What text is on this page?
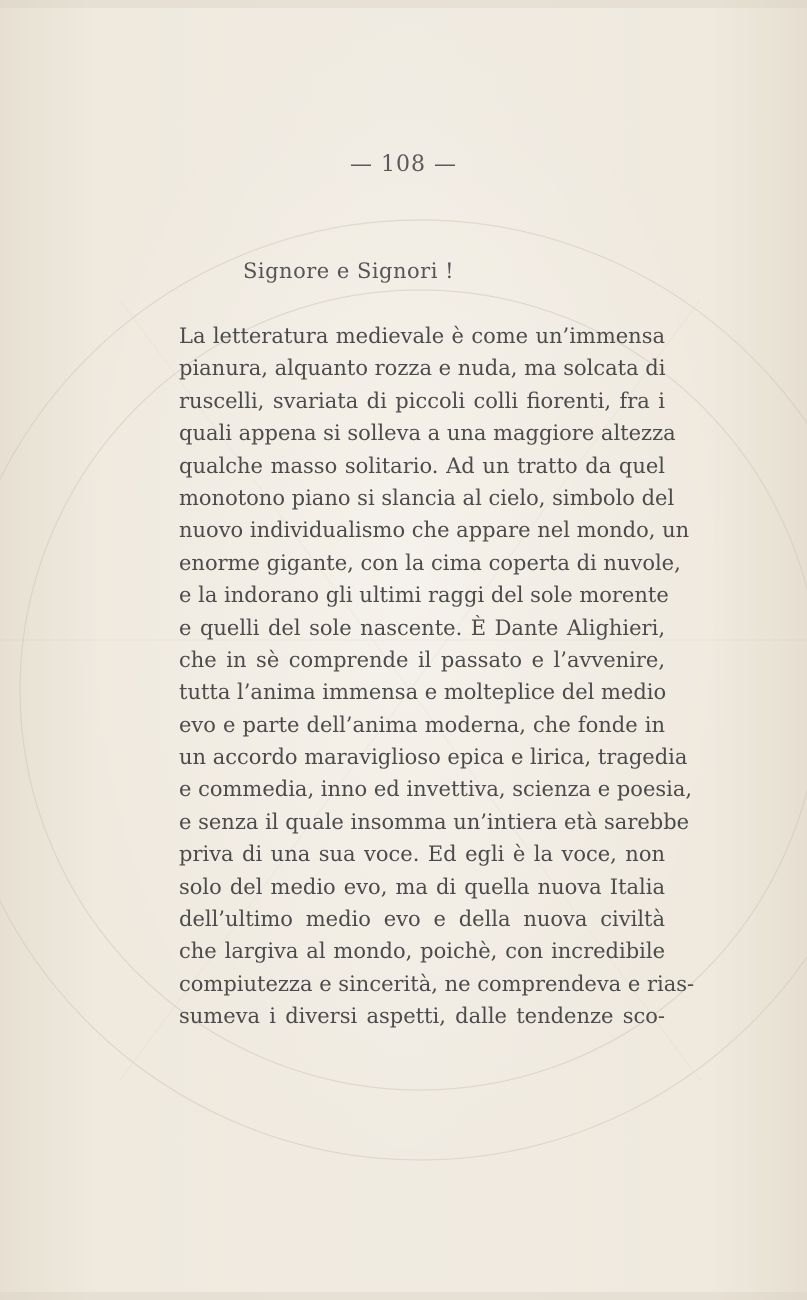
— 108 —
Signore e Signori !
La letteratura medievale è come un’immensa
pianura, alquanto rozza e nuda, ma solcata di
ruscelli, svariata di piccoli colli fiorenti, fra i
quali appena si solleva a una maggiore altezza
qualche masso solitario. Ad un tratto da quel
monotono piano si slancia al cielo, simbolo del
nuovo individualismo che appare nel mondo, un
enorme gigante, con la cima coperta di nuvole,
e la indorano gli ultimi raggi del sole morente
e quelli del sole nascente. È Dante Alighieri,
che in sè comprende il passato e l’avvenire,
tutta l’anima immensa e molteplice del medio
evo e parte dell’anima moderna, che fonde in
un accordo maraviglioso epica e lirica, tragedia
e commedia, inno ed invettiva, scienza e poesia,
e senza il quale insomma un’intiera età sarebbe
priva di una sua voce. Ed egli è la voce, non
solo del medio evo, ma di quella nuova Italia
dell’ultimo medio evo e della nuova civiltà
che largiva al mondo, poichè, con incredibile
compiutezza e sincerità, ne comprendeva e rias-
sumeva i diversi aspetti, dalle tendenze sco-
